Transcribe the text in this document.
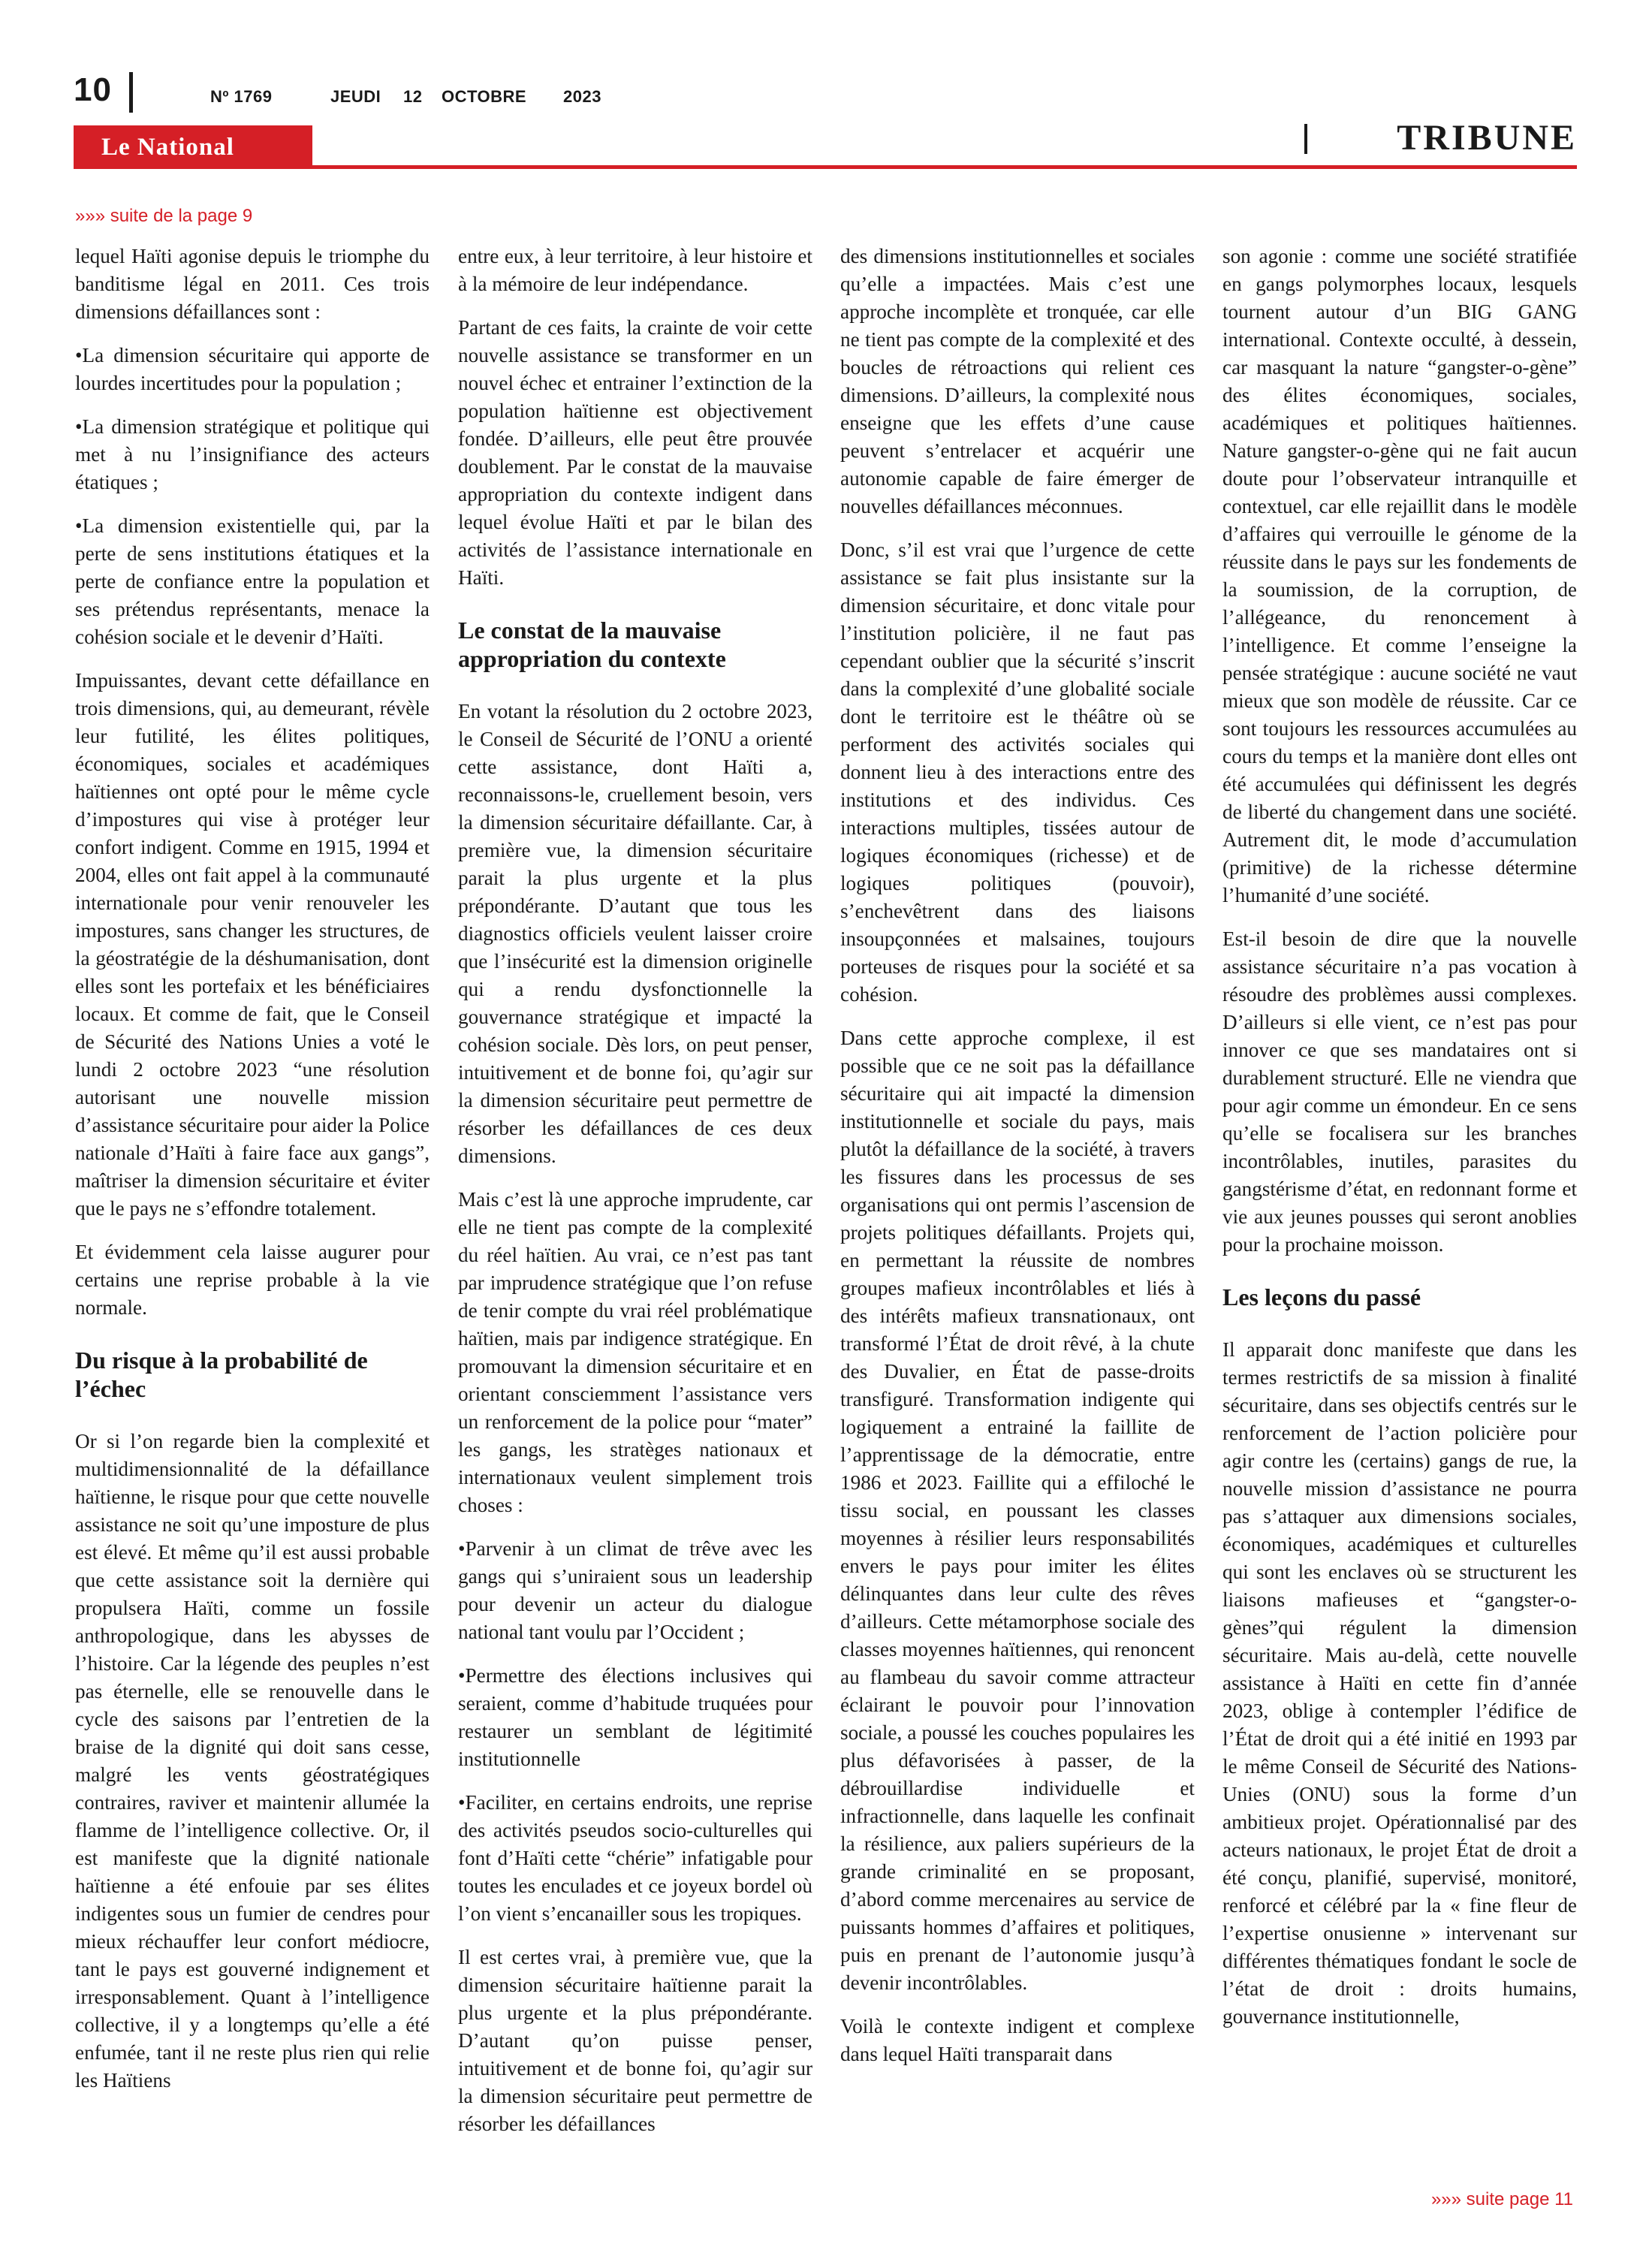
10	Nº 1769	JEUDI 12 OCTOBRE 2023
Le National	TRIBUNE
»»» suite de la page 9

lequel Haïti agonise depuis le triomphe du banditisme légal en 2011. Ces trois dimensions défaillances sont :

•La dimension sécuritaire qui apporte de lourdes incertitudes pour la population ;

•La dimension stratégique et politique qui met à nu l’insignifiance des acteurs étatiques ;

•La dimension existentielle qui, par la perte de sens institutions étatiques et la perte de confiance entre la population et ses prétendus représentants, menace la cohésion sociale et le devenir d’Haïti.

Impuissantes, devant cette défaillance en trois dimensions, qui, au demeurant, révèle leur futilité, les élites politiques, économiques, sociales et académiques haïtiennes ont opté pour le même cycle d’impostures qui vise à protéger leur confort indigent. Comme en 1915, 1994 et 2004, elles ont fait appel à la communauté internationale pour venir renouveler les impostures, sans changer les structures, de la géostratégie de la déshumanisation, dont elles sont les portefaix et les bénéficiaires locaux. Et comme de fait, que le Conseil de Sécurité des Nations Unies a voté le lundi 2 octobre 2023 “une résolution autorisant une nouvelle mission d’assistance sécuritaire pour aider la Police nationale d’Haïti à faire face aux gangs”, maîtriser la dimension sécuritaire et éviter que le pays ne s’effondre totalement.

Et évidemment cela laisse augurer pour certains une reprise probable à la vie normale.

Du risque à la probabilité de l’échec

Or si l’on regarde bien la complexité et multidimensionnalité de la défaillance haïtienne, le risque pour que cette nouvelle assistance ne soit qu’une imposture de plus est élevé. Et même qu’il est aussi probable que cette assistance soit la dernière qui propulsera Haïti, comme un fossile anthropologique, dans les abysses de l’histoire. Car la légende des peuples n’est pas éternelle, elle se renouvelle dans le cycle des saisons par l’entretien de la braise de la dignité qui doit sans cesse, malgré les vents géostratégiques contraires, raviver et maintenir allumée la flamme de l’intelligence collective. Or, il est manifeste que la dignité nationale haïtienne a été enfouie par ses élites indigentes sous un fumier de cendres pour mieux réchauffer leur confort médiocre, tant le pays est gouverné indignement et irresponsablement. Quant à l’intelligence collective, il y a longtemps qu’elle a été enfumée, tant il ne reste plus rien qui relie les Haïtiens

entre eux, à leur territoire, à leur histoire et à la mémoire de leur indépendance.

Partant de ces faits, la crainte de voir cette nouvelle assistance se transformer en un nouvel échec et entrainer l’extinction de la population haïtienne est objectivement fondée. D’ailleurs, elle peut être prouvée doublement. Par le constat de la mauvaise appropriation du contexte indigent dans lequel évolue Haïti et par le bilan des activités de l’assistance internationale en Haïti.

Le constat de la mauvaise appropriation du contexte

En votant la résolution du 2 octobre 2023, le Conseil de Sécurité de l’ONU a orienté cette assistance, dont Haïti a, reconnaissons-le, cruellement besoin, vers la dimension sécuritaire défaillante. Car, à première vue, la dimension sécuritaire parait la plus urgente et la plus prépondérante. D’autant que tous les diagnostics officiels veulent laisser croire que l’insécurité est la dimension originelle qui a rendu dysfonctionnelle la gouvernance stratégique et impacté la cohésion sociale. Dès lors, on peut penser, intuitivement et de bonne foi, qu’agir sur la dimension sécuritaire peut permettre de résorber les défaillances de ces deux dimensions.

Mais c’est là une approche imprudente, car elle ne tient pas compte de la complexité du réel haïtien. Au vrai, ce n’est pas tant par imprudence stratégique que l’on refuse de tenir compte du vrai réel problématique haïtien, mais par indigence stratégique. En promouvant la dimension sécuritaire et en orientant consciemment l’assistance vers un renforcement de la police pour “mater” les gangs, les stratèges nationaux et internationaux veulent simplement trois choses :

•Parvenir à un climat de trêve avec les gangs qui s’uniraient sous un leadership pour devenir un acteur du dialogue national tant voulu par l’Occident ;

•Permettre des élections inclusives qui seraient, comme d’habitude truquées pour restaurer un semblant de légitimité institutionnelle

•Faciliter, en certains endroits, une reprise des activités pseudos socio-culturelles qui font d’Haïti cette “chérie” infatigable pour toutes les enculades et ce joyeux bordel où l’on vient s’encanailler sous les tropiques.

Il est certes vrai, à première vue, que la dimension sécuritaire haïtienne parait la plus urgente et la plus prépondérante. D’autant qu’on puisse penser, intuitivement et de bonne foi, qu’agir sur la dimension sécuritaire peut permettre de résorber les défaillances

des dimensions institutionnelles et sociales qu’elle a impactées. Mais c’est une approche incomplète et tronquée, car elle ne tient pas compte de la complexité et des boucles de rétroactions qui relient ces dimensions. D’ailleurs, la complexité nous enseigne que les effets d’une cause peuvent s’entrelacer et acquérir une autonomie capable de faire émerger de nouvelles défaillances méconnues.

Donc, s’il est vrai que l’urgence de cette assistance se fait plus insistante sur la dimension sécuritaire, et donc vitale pour l’institution policière, il ne faut pas cependant oublier que la sécurité s’inscrit dans la complexité d’une globalité sociale dont le territoire est le théâtre où se performent des activités sociales qui donnent lieu à des interactions entre des institutions et des individus. Ces interactions multiples, tissées autour de logiques économiques (richesse) et de logiques politiques (pouvoir), s’enchevêtrent dans des liaisons insoupçonnées et malsaines, toujours porteuses de risques pour la société et sa cohésion.

Dans cette approche complexe, il est possible que ce ne soit pas la défaillance sécuritaire qui ait impacté la dimension institutionnelle et sociale du pays, mais plutôt la défaillance de la société, à travers les fissures dans les processus de ses organisations qui ont permis l’ascension de projets politiques défaillants. Projets qui, en permettant la réussite de nombres groupes mafieux incontrôlables et liés à des intérêts mafieux transnationaux, ont transformé l’État de droit rêvé, à la chute des Duvalier, en État de passe-droits transfiguré. Transformation indigente qui logiquement a entrainé la faillite de l’apprentissage de la démocratie, entre 1986 et 2023. Faillite qui a effiloché le tissu social, en poussant les classes moyennes à résilier leurs responsabilités envers le pays pour imiter les élites délinquantes dans leur culte des rêves d’ailleurs. Cette métamorphose sociale des classes moyennes haïtiennes, qui renoncent au flambeau du savoir comme attracteur éclairant le pouvoir pour l’innovation sociale, a poussé les couches populaires les plus défavorisées à passer, de la débrouillardise individuelle et infractionnelle, dans laquelle les confinait la résilience, aux paliers supérieurs de la grande criminalité en se proposant, d’abord comme mercenaires au service de puissants hommes d’affaires et politiques, puis en prenant de l’autonomie jusqu’à devenir incontrôlables.

Voilà le contexte indigent et complexe dans lequel Haïti transparait dans

son agonie : comme une société stratifiée en gangs polymorphes locaux, lesquels tournent autour d’un BIG GANG international. Contexte occulté, à dessein, car masquant la nature “gangster-o-gène” des élites économiques, sociales, académiques et politiques haïtiennes. Nature gangster-o-gène qui ne fait aucun doute pour l’observateur intranquille et contextuel, car elle rejaillit dans le modèle d’affaires qui verrouille le génome de la réussite dans le pays sur les fondements de la soumission, de la corruption, de l’allégeance, du renoncement à l’intelligence. Et comme l’enseigne la pensée stratégique : aucune société ne vaut mieux que son modèle de réussite. Car ce sont toujours les ressources accumulées au cours du temps et la manière dont elles ont été accumulées qui définissent les degrés de liberté du changement dans une société. Autrement dit, le mode d’accumulation (primitive) de la richesse détermine l’humanité d’une société.

Est-il besoin de dire que la nouvelle assistance sécuritaire n’a pas vocation à résoudre des problèmes aussi complexes. D’ailleurs si elle vient, ce n’est pas pour innover ce que ses mandataires ont si durablement structuré. Elle ne viendra que pour agir comme un émondeur. En ce sens qu’elle se focalisera sur les branches incontrôlables, inutiles, parasites du gangstérisme d’état, en redonnant forme et vie aux jeunes pousses qui seront anoblies pour la prochaine moisson.

Les leçons du passé

Il apparait donc manifeste que dans les termes restrictifs de sa mission à finalité sécuritaire, dans ses objectifs centrés sur le renforcement de l’action policière pour agir contre les (certains) gangs de rue, la nouvelle mission d’assistance ne pourra pas s’attaquer aux dimensions sociales, économiques, académiques et culturelles qui sont les enclaves où se structurent les liaisons mafieuses et “gangster-o-gènes”qui régulent la dimension sécuritaire. Mais au-delà, cette nouvelle assistance à Haïti en cette fin d’année 2023, oblige à contempler l’édifice de l’État de droit qui a été initié en 1993 par le même Conseil de Sécurité des Nations-Unies (ONU) sous la forme d’un ambitieux projet. Opérationnalisé par des acteurs nationaux, le projet État de droit a été conçu, planifié, supervisé, monitoré, renforcé et célébré par la « fine fleur de l’expertise onusienne » intervenant sur différentes thématiques fondant le socle de l’état de droit : droits humains, gouvernance institutionnelle,

»»» suite page 11
